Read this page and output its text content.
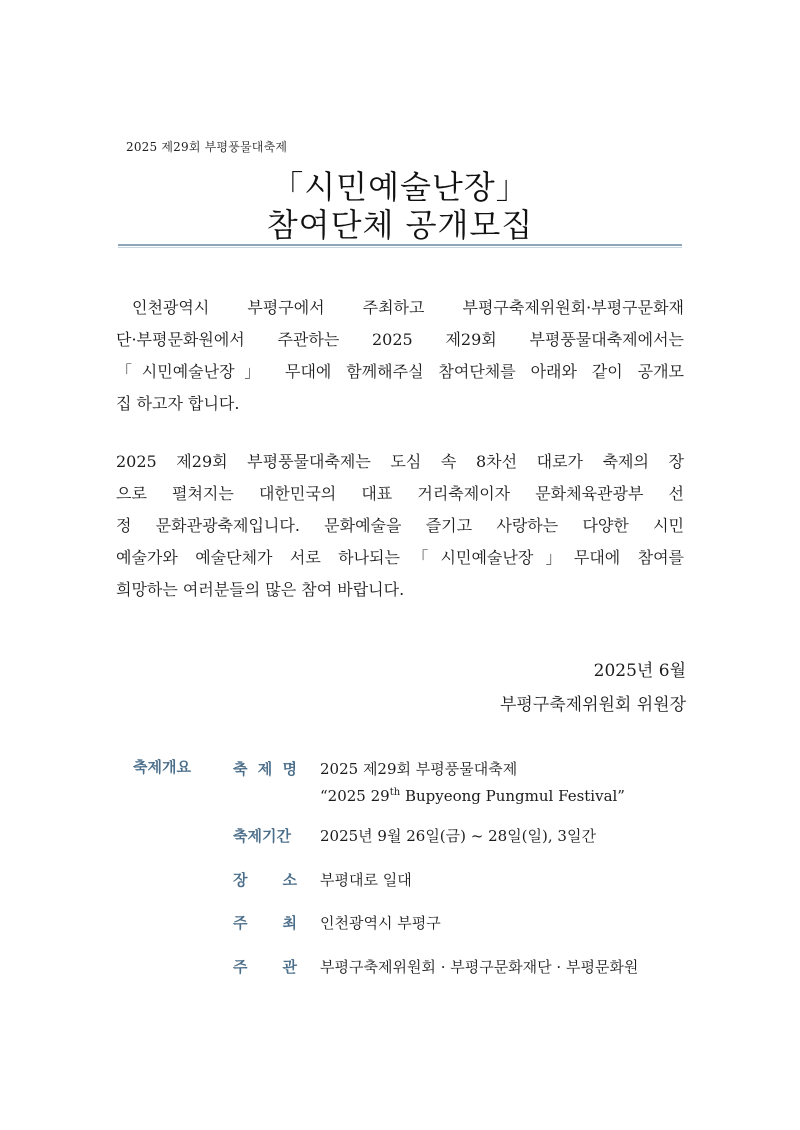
2025 제29회 부평풍물대축제
「시민예술난장」
참여단체 공개모집
인천광역시 부평구에서 주최하고 부평구축제위원회·부평구문화재
단·부평문화원에서 주관하는 2025 제29회 부평풍물대축제에서는
「시민예술난장」 무대에 함께해주실 참여단체를 아래와 같이 공개모
집 하고자 합니다.
2025 제29회 부평풍물대축제는 도심 속 8차선 대로가 축제의 장
으로 펼쳐지는 대한민국의 대표 거리축제이자 문화체육관광부 선
정 문화관광축제입니다. 문화예술을 즐기고 사랑하는 다양한 시민
예술가와 예술단체가 서로 하나되는「시민예술난장」무대에 참여를
희망하는 여러분들의 많은 참여 바랍니다.
2025년 6월
부평구축제위원회 위원장
축제개요	축 제 명 2025 제29회 부평풍물대축제
“2025 29th Bupyeong Pungmul Festival”
축제기간	2025년 9월 26일(금) ~ 28일(일), 3일간
장 소 부평대로 일대
주 최 인천광역시 부평구
주 관 부평구축제위원회 · 부평구문화재단 · 부평문화원
